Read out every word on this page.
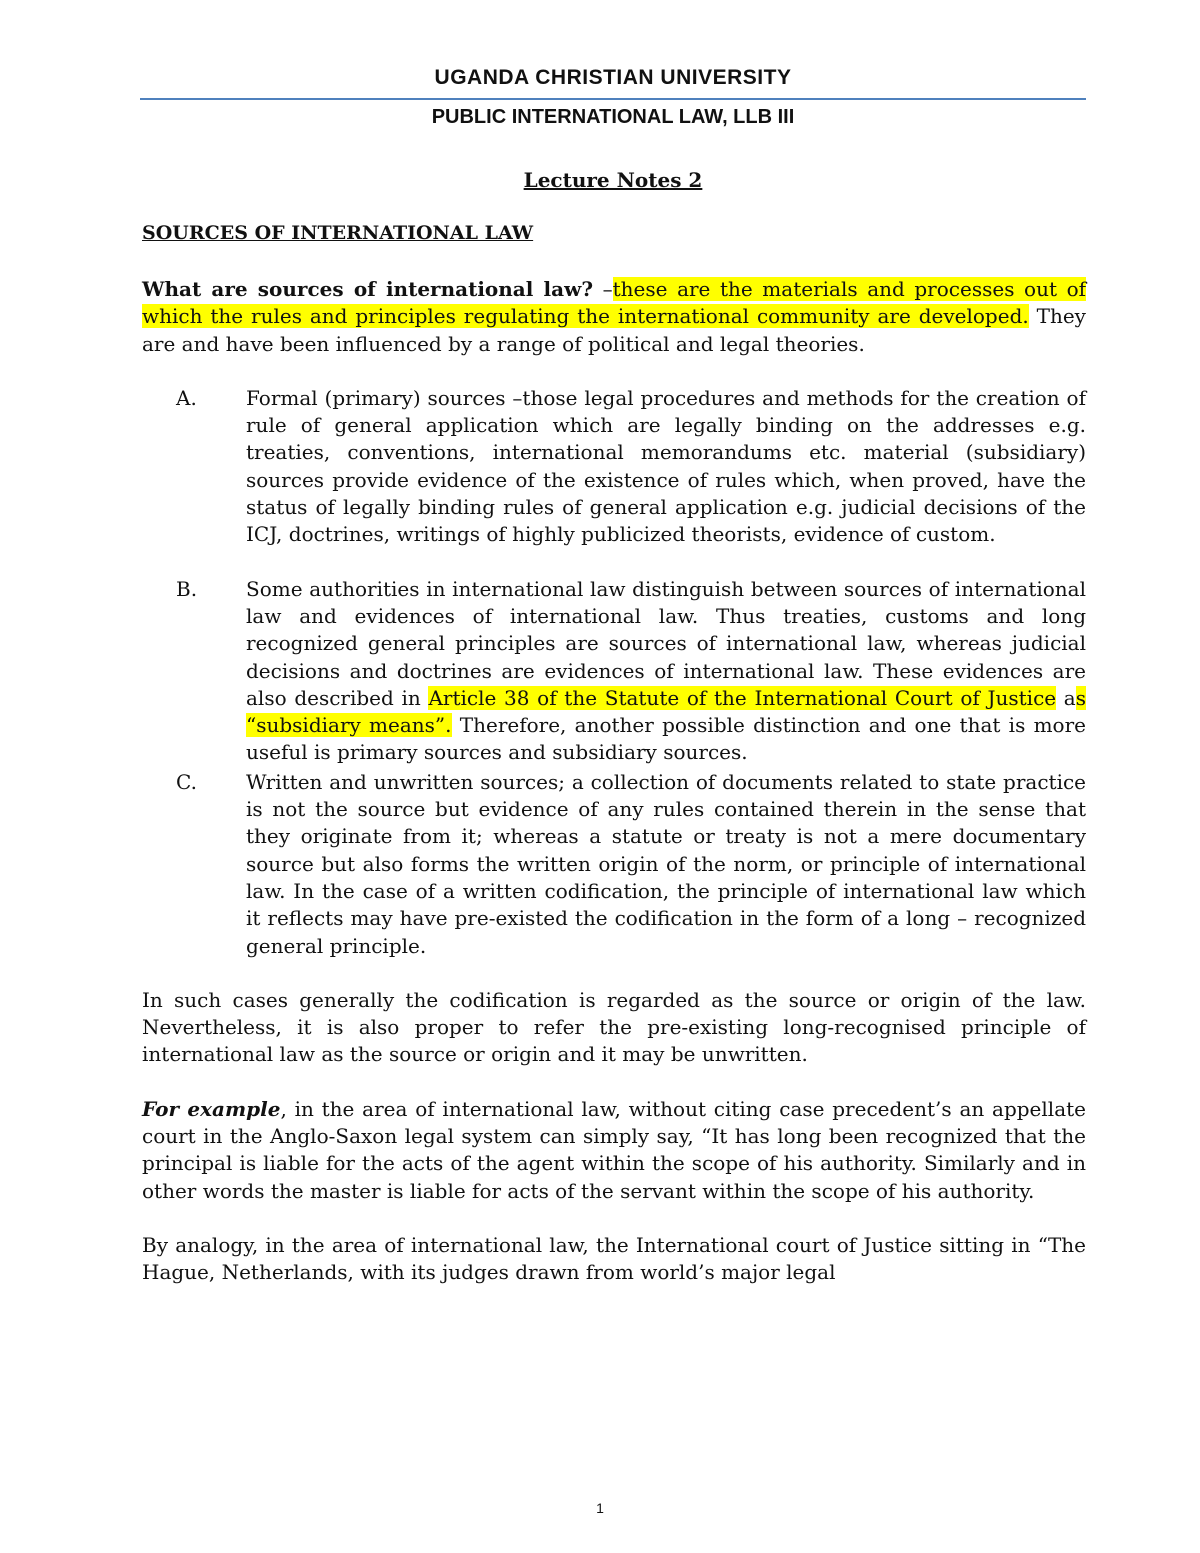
UGANDA CHRISTIAN UNIVERSITY

PUBLIC INTERNATIONAL LAW, LLB III

Lecture Notes 2
SOURCES OF INTERNATIONAL LAW

What are sources of international law? –these are the materials and processes out of which the rules and principles regulating the international community are developed. They are and have been influenced by a range of political and legal theories.

A.	Formal (primary) sources –those legal procedures and methods for the creation of rule of general application which are legally binding on the addresses e.g. treaties, conventions, international memorandums etc. material (subsidiary) sources provide evidence of the existence of rules which, when proved, have the status of legally binding rules of general application e.g. judicial decisions of the ICJ, doctrines, writings of highly publicized theorists, evidence of custom.
B.	Some authorities in international law distinguish between sources of international law and evidences of international law. Thus treaties, customs and long recognized general principles are sources of international law, whereas judicial decisions and doctrines are evidences of international law. These evidences are also described in Article 38 of the Statute of the International Court of Justice as “subsidiary means”. Therefore, another possible distinction and one that is more useful is primary sources and subsidiary sources.
C.	Written and unwritten sources; a collection of documents related to state practice is not the source but evidence of any rules contained therein in the sense that they originate from it; whereas a statute or treaty is not a mere documentary source but also forms the written origin of the norm, or principle of international law. In the case of a written codification, the principle of international law which it reflects may have pre-existed the codification in the form of a long – recognized general principle.

In such cases generally the codification is regarded as the source or origin of the law. Nevertheless, it is also proper to refer the pre-existing long-recognised principle of international law as the source or origin and it may be unwritten.

For example, in the area of international law, without citing case precedent’s an appellate court in the Anglo-Saxon legal system can simply say, “It has long been recognized that the principal is liable for the acts of the agent within the scope of his authority. Similarly and in other words the master is liable for acts of the servant within the scope of his authority.

By analogy, in the area of international law, the International court of Justice sitting in “The Hague, Netherlands, with its judges drawn from world’s major legal

1
